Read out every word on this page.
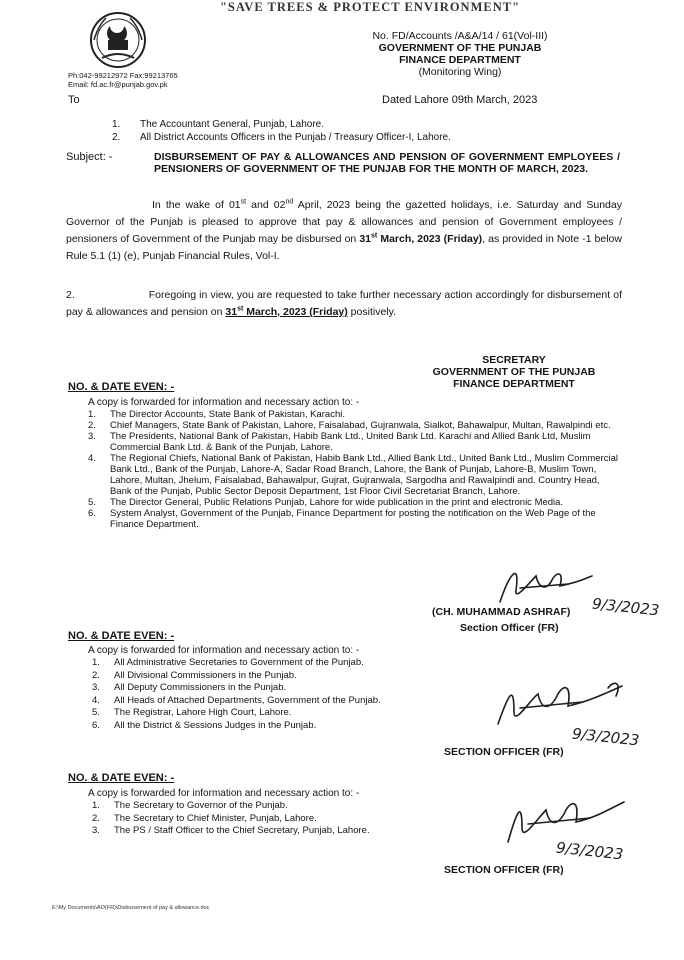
"SAVE TREES & PROTECT ENVIRONMENT"
No. FD/Accounts /A&A/14 / 61(Vol-III)
GOVERNMENT OF THE PUNJAB
FINANCE DEPARTMENT
(Monitoring Wing)
Ph:042-99212972 Fax:99213765
Email: fd.ac.fr@punjab.gov.pk
To	Dated Lahore 09th March, 2023
1. The Accountant General, Punjab, Lahore.
2. All District Accounts Officers in the Punjab / Treasury Officer-I, Lahore.
Subject: -	DISBURSEMENT OF PAY & ALLOWANCES AND PENSION OF GOVERNMENT EMPLOYEES / PENSIONERS OF GOVERNMENT OF THE PUNJAB FOR THE MONTH OF MARCH, 2023.
In the wake of 01st and 02nd April, 2023 being the gazetted holidays, i.e. Saturday and Sunday Governor of the Punjab is pleased to approve that pay & allowances and pension of Government employees / pensioners of Government of the Punjab may be disbursed on 31st March, 2023 (Friday), as provided in Note -1 below Rule 5.1 (1) (e), Punjab Financial Rules, Vol-I.
2.	Foregoing in view, you are requested to take further necessary action accordingly for disbursement of pay & allowances and pension on 31st March, 2023 (Friday) positively.
SECRETARY
GOVERNMENT OF THE PUNJAB
FINANCE DEPARTMENT
NO. & DATE EVEN: -
A copy is forwarded for information and necessary action to: -
1.	The Director Accounts, State Bank of Pakistan, Karachi.
2.	Chief Managers, State Bank of Pakistan, Lahore, Faisalabad, Gujranwala, Sialkot, Bahawalpur, Multan, Rawalpindi etc.
3.	The Presidents, National Bank of Pakistan, Habib Bank Ltd., United Bank Ltd. Karachi and Allied Bank Ltd, Muslim Commercial Bank Ltd. & Bank of the Punjab, Lahore.
4.	The Regional Chiefs, National Bank of Pakistan, Habib Bank Ltd., Allied Bank Ltd., United Bank Ltd., Muslim Commercial Bank Ltd., Bank of the Punjab, Lahore-A, Sadar Road Branch, Lahore, the Bank of Punjab, Lahore-B, Muslim Town, Lahore, Multan, Jhelum, Faisalabad, Bahawalpur, Gujrat, Gujranwala, Sargodha and Rawalpindi and. Country Head, Bank of the Punjab, Public Sector Deposit Department, 1st Floor Civil Secretariat Branch, Lahore.
5.	The Director General, Public Relations Punjab, Lahore for wide publication in the print and electronic Media.
6.	System Analyst, Government of the Punjab, Finance Department for posting the notification on the Web Page of the Finance Department.
9/3/2023
(CH. MUHAMMAD ASHRAF)
Section Officer (FR)
NO. & DATE EVEN: -
A copy is forwarded for information and necessary action to: -
1.	All Administrative Secretaries to Government of the Punjab.
2.	All Divisional Commissioners in the Punjab.
3.	All Deputy Commissioners in the Punjab.
4.	All Heads of Attached Departments, Government of the Punjab.
5.	The Registrar, Lahore High Court, Lahore.
6.	All the District & Sessions Judges in the Punjab.	9/3/2023
SECTION OFFICER (FR)
NO. & DATE EVEN: -
A copy is forwarded for information and necessary action to: -
1.	The Secretary to Governor of the Punjab.
2.	The Secretary to Chief Minister, Punjab, Lahore.
3.	The PS / Staff Officer to the Chief Secretary, Punjab, Lahore.
9/3/2023
SECTION OFFICER (FR)
E:\My Documents\AO(FR)\Disbursement of pay & allowance.doc
